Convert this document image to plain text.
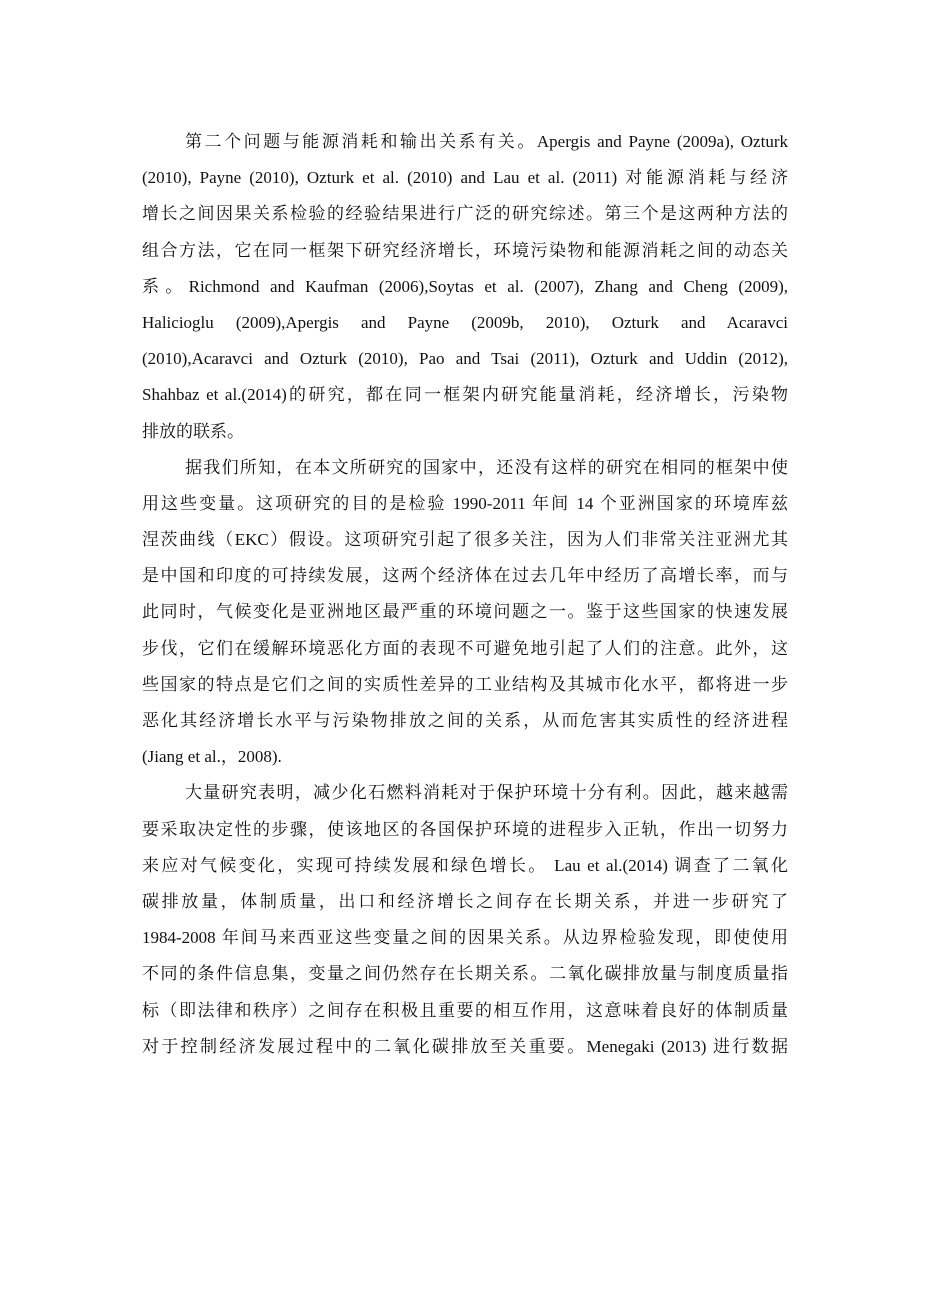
第二个问题与能源消耗和输出关系有关。Apergis and Payne (2009a), Ozturk
(2010), Payne (2010), Ozturk et al. (2010) and Lau et al. (2011) 对能源消耗与经济
增长之间因果关系检验的经验结果进行广泛的研究综述。第三个是这两种方法的
组合方法，它在同一框架下研究经济增长，环境污染物和能源消耗之间的动态关
系。Richmond and Kaufman (2006),Soytas et al. (2007), Zhang and Cheng (2009),
Halicioglu (2009),Apergis and Payne (2009b, 2010), Ozturk and Acaravci
(2010),Acaravci and Ozturk (2010), Pao and Tsai (2011), Ozturk and Uddin (2012),
Shahbaz et al.(2014)的研究，都在同一框架内研究能量消耗，经济增长，污染物
排放的联系。
据我们所知，在本文所研究的国家中，还没有这样的研究在相同的框架中使
用这些变量。这项研究的目的是检验 1990-2011 年间 14 个亚洲国家的环境库兹
涅茨曲线（EKC）假设。这项研究引起了很多关注，因为人们非常关注亚洲尤其
是中国和印度的可持续发展，这两个经济体在过去几年中经历了高增长率，而与
此同时，气候变化是亚洲地区最严重的环境问题之一。鉴于这些国家的快速发展
步伐，它们在缓解环境恶化方面的表现不可避免地引起了人们的注意。此外，这
些国家的特点是它们之间的实质性差异的工业结构及其城市化水平，都将进一步
恶化其经济增长水平与污染物排放之间的关系，从而危害其实质性的经济进程
(Jiang et al.，2008).
大量研究表明，减少化石燃料消耗对于保护环境十分有利。因此，越来越需
要采取决定性的步骤，使该地区的各国保护环境的进程步入正轨，作出一切努力
来应对气候变化，实现可持续发展和绿色增长。 Lau et al.(2014) 调查了二氧化
碳排放量，体制质量，出口和经济增长之间存在长期关系，并进一步研究了
1984-2008 年间马来西亚这些变量之间的因果关系。从边界检验发现，即使使用
不同的条件信息集，变量之间仍然存在长期关系。二氧化碳排放量与制度质量指
标（即法律和秩序）之间存在积极且重要的相互作用，这意味着良好的体制质量
对于控制经济发展过程中的二氧化碳排放至关重要。Menegaki (2013) 进行数据
